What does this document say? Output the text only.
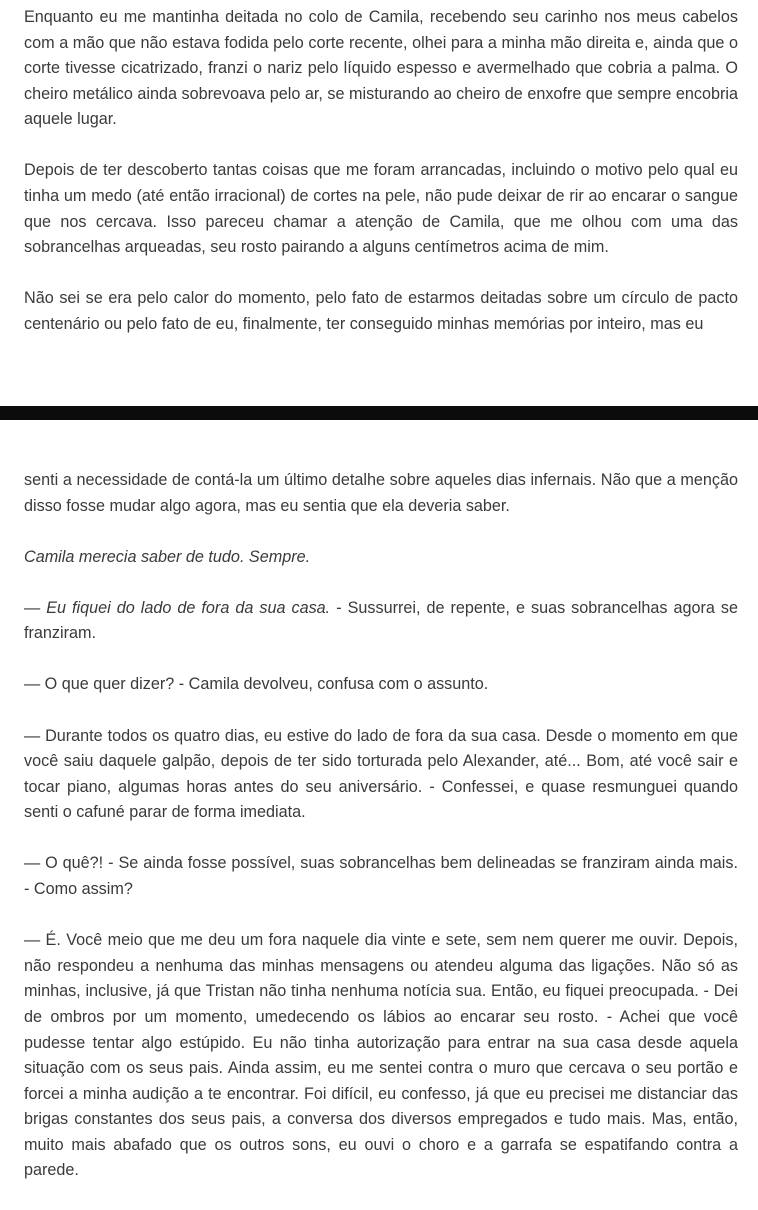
Enquanto eu me mantinha deitada no colo de Camila, recebendo seu carinho nos meus cabelos com a mão que não estava fodida pelo corte recente, olhei para a minha mão direita e, ainda que o corte tivesse cicatrizado, franzi o nariz pelo líquido espesso e avermelhado que cobria a palma. O cheiro metálico ainda sobrevoava pelo ar, se misturando ao cheiro de enxofre que sempre encobria aquele lugar.

Depois de ter descoberto tantas coisas que me foram arrancadas, incluindo o motivo pelo qual eu tinha um medo (até então irracional) de cortes na pele, não pude deixar de rir ao encarar o sangue que nos cercava. Isso pareceu chamar a atenção de Camila, que me olhou com uma das sobrancelhas arqueadas, seu rosto pairando a alguns centímetros acima de mim.

Não sei se era pelo calor do momento, pelo fato de estarmos deitadas sobre um círculo de pacto centenário ou pelo fato de eu, finalmente, ter conseguido minhas memórias por inteiro, mas eu

senti a necessidade de contá-la um último detalhe sobre aqueles dias infernais. Não que a menção disso fosse mudar algo agora, mas eu sentia que ela deveria saber.

Camila merecia saber de tudo. Sempre.

— Eu fiquei do lado de fora da sua casa. - Sussurrei, de repente, e suas sobrancelhas agora se franziram.

— O que quer dizer? - Camila devolveu, confusa com o assunto.

— Durante todos os quatro dias, eu estive do lado de fora da sua casa. Desde o momento em que você saiu daquele galpão, depois de ter sido torturada pelo Alexander, até... Bom, até você sair e tocar piano, algumas horas antes do seu aniversário. - Confessei, e quase resmunguei quando senti o cafuné parar de forma imediata.

— O quê?! - Se ainda fosse possível, suas sobrancelhas bem delineadas se franziram ainda mais. - Como assim?

— É. Você meio que me deu um fora naquele dia vinte e sete, sem nem querer me ouvir. Depois, não respondeu a nenhuma das minhas mensagens ou atendeu alguma das ligações. Não só as minhas, inclusive, já que Tristan não tinha nenhuma notícia sua. Então, eu fiquei preocupada. - Dei de ombros por um momento, umedecendo os lábios ao encarar seu rosto. - Achei que você pudesse tentar algo estúpido. Eu não tinha autorização para entrar na sua casa desde aquela situação com os seus pais. Ainda assim, eu me sentei contra o muro que cercava o seu portão e forcei a minha audição a te encontrar. Foi difícil, eu confesso, já que eu precisei me distanciar das brigas constantes dos seus pais, a conversa dos diversos empregados e tudo mais. Mas, então, muito mais abafado que os outros sons, eu ouvi o choro e a garrafa se espatifando contra a parede.
